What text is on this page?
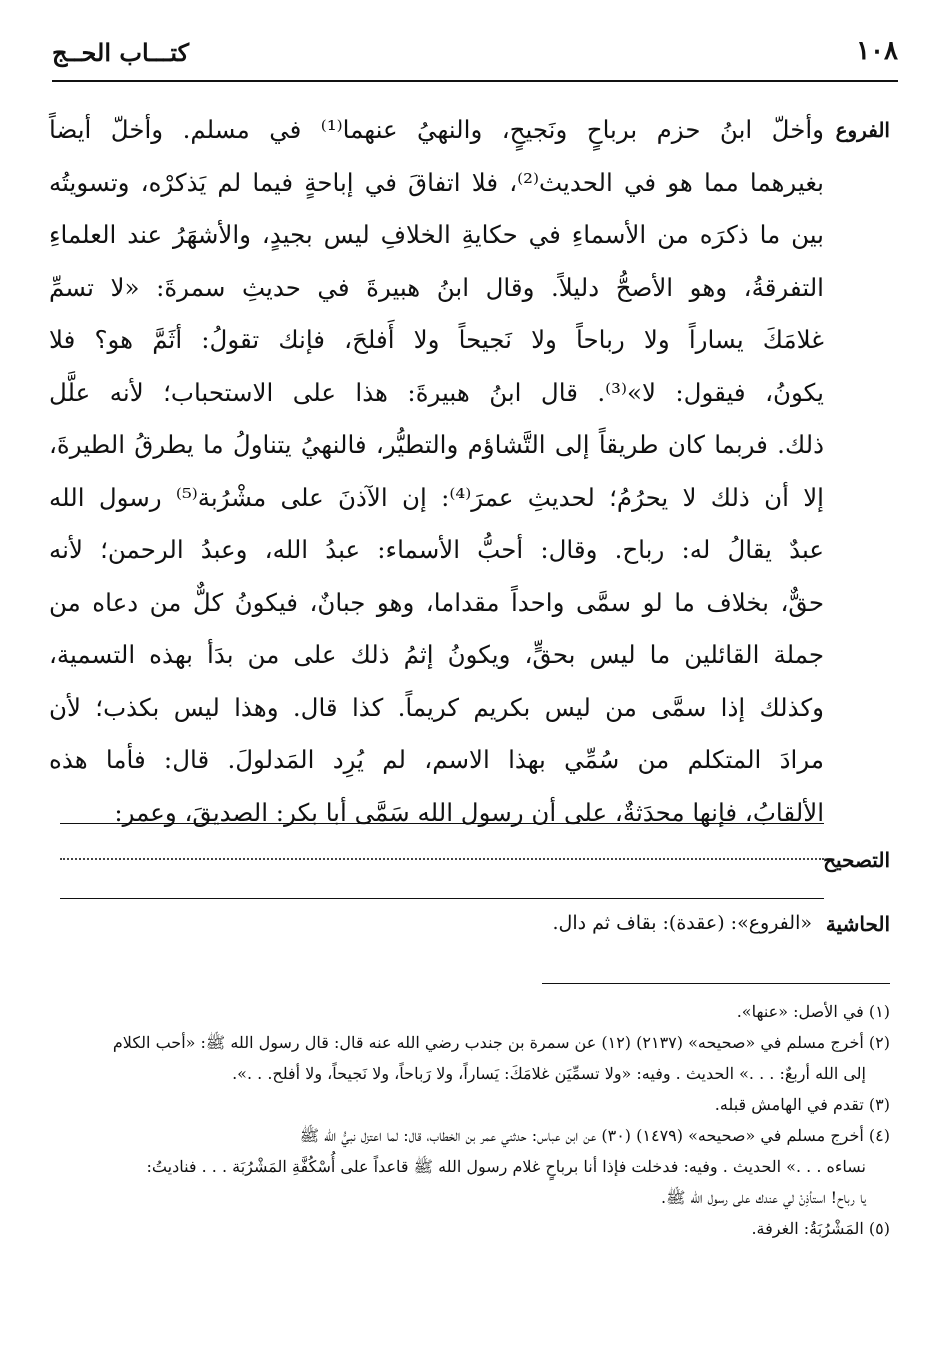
١٠٨
كتـــاب الحــج
الفروع
وأخلّ ابنُ حزم برباحٍ ونَجيحٍ، والنهيُ عنهما⁽¹⁾ في مسلم. وأخلّ أيضاً
بغيرهما مما هو في الحديث⁽²⁾، فلا اتفاقَ في إباحةٍ فيما لم يَذكرْه، وتسويتُه
بين ما ذكرَه من الأسماءِ في حكايةِ الخلافِ ليس بجيدٍ، والأشهَرُ عند العلماءِ
التفرقةُ، وهو الأصحُّ دليلاً. وقال ابنُ هبيرةَ في حديثِ سمرةَ: «لا تسمِّ
غلامَكَ يساراً ولا رباحاً ولا نَجيحاً ولا أَفلحَ، فإنك تقولُ: أثَمَّ هو؟ فلا
يكونُ، فيقول: لا»⁽³⁾. قال ابنُ هبيرةَ: هذا على الاستحباب؛ لأنه علَّل
ذلك. فربما كان طريقاً إلى التَّشاؤم والتطيُّر، فالنهيُ يتناولُ ما يطرقُ الطيرةَ،
إلا أن ذلك لا يحرُمُ؛ لحديثِ عمرَ⁽⁴⁾: إن الآذنَ على مشْرُبة⁽⁵⁾ رسول الله
عبدٌ يقالُ له: رباح. وقال: أحبُّ الأسماء: عبدُ الله، وعبدُ الرحمن؛ لأنه
حقٌّ، بخلاف ما لو سمَّى واحداً مقداما، وهو جبانٌ، فيكونُ كلٌّ من دعاه من
جملة القائلين ما ليس بحقٍّ، ويكونُ إثمُ ذلك على من بدَأ بهذه التسمية،
وكذلك إذا سمَّى من ليس بكريم كريماً. كذا قال. وهذا ليس بكذب؛ لأن
مرادَ المتكلم من سُمِّي بهذا الاسم، لم يُرِد المَدلولَ. قال: فأما هذه
الألقابُ، فإنها محدَثةٌ، على أن رسول الله سَمَّى أبا بكر: الصديقَ، وعمر:
التصحيح
الحاشية
«الفروع»: (عقدة): بقاف ثم دال.
(١) في الأصل: «عنها».
(٢) أخرج مسلم في «صحيحه» (٢١٣٧) (١٢) عن سمرة بن جندب رضي الله عنه قال: قال رسول الله ﷺ: «أحب الكلام
إلى الله أربعٌ: . . .» الحديث . وفيه: «ولا تسمِّيَن غلامَكَ: يَساراً، ولا رَباحاً، ولا نَجيحاً، ولا أفلح. . .».
(٣) تقدم في الهامش قبله.
(٤) أخرج مسلم في «صحيحه» (١٤٧٩) (٣٠) عن ابن عباس: حدثني عمر بن الخطاب، قال: لما اعتزل نبيُّ الله ﷺ
نساءه . . .» الحديث . وفيه: فدخلت فإذا أنا برباحٍ غلام رسول الله ﷺ قاعداً على أُسْكُفَّةِ المَشْرُبَة . . . فناديتُ:
يا رباح! استأذِنْ لي عندك على رسول الله ﷺ.
(٥) المَشْرُبَةُ: الغرفة.
